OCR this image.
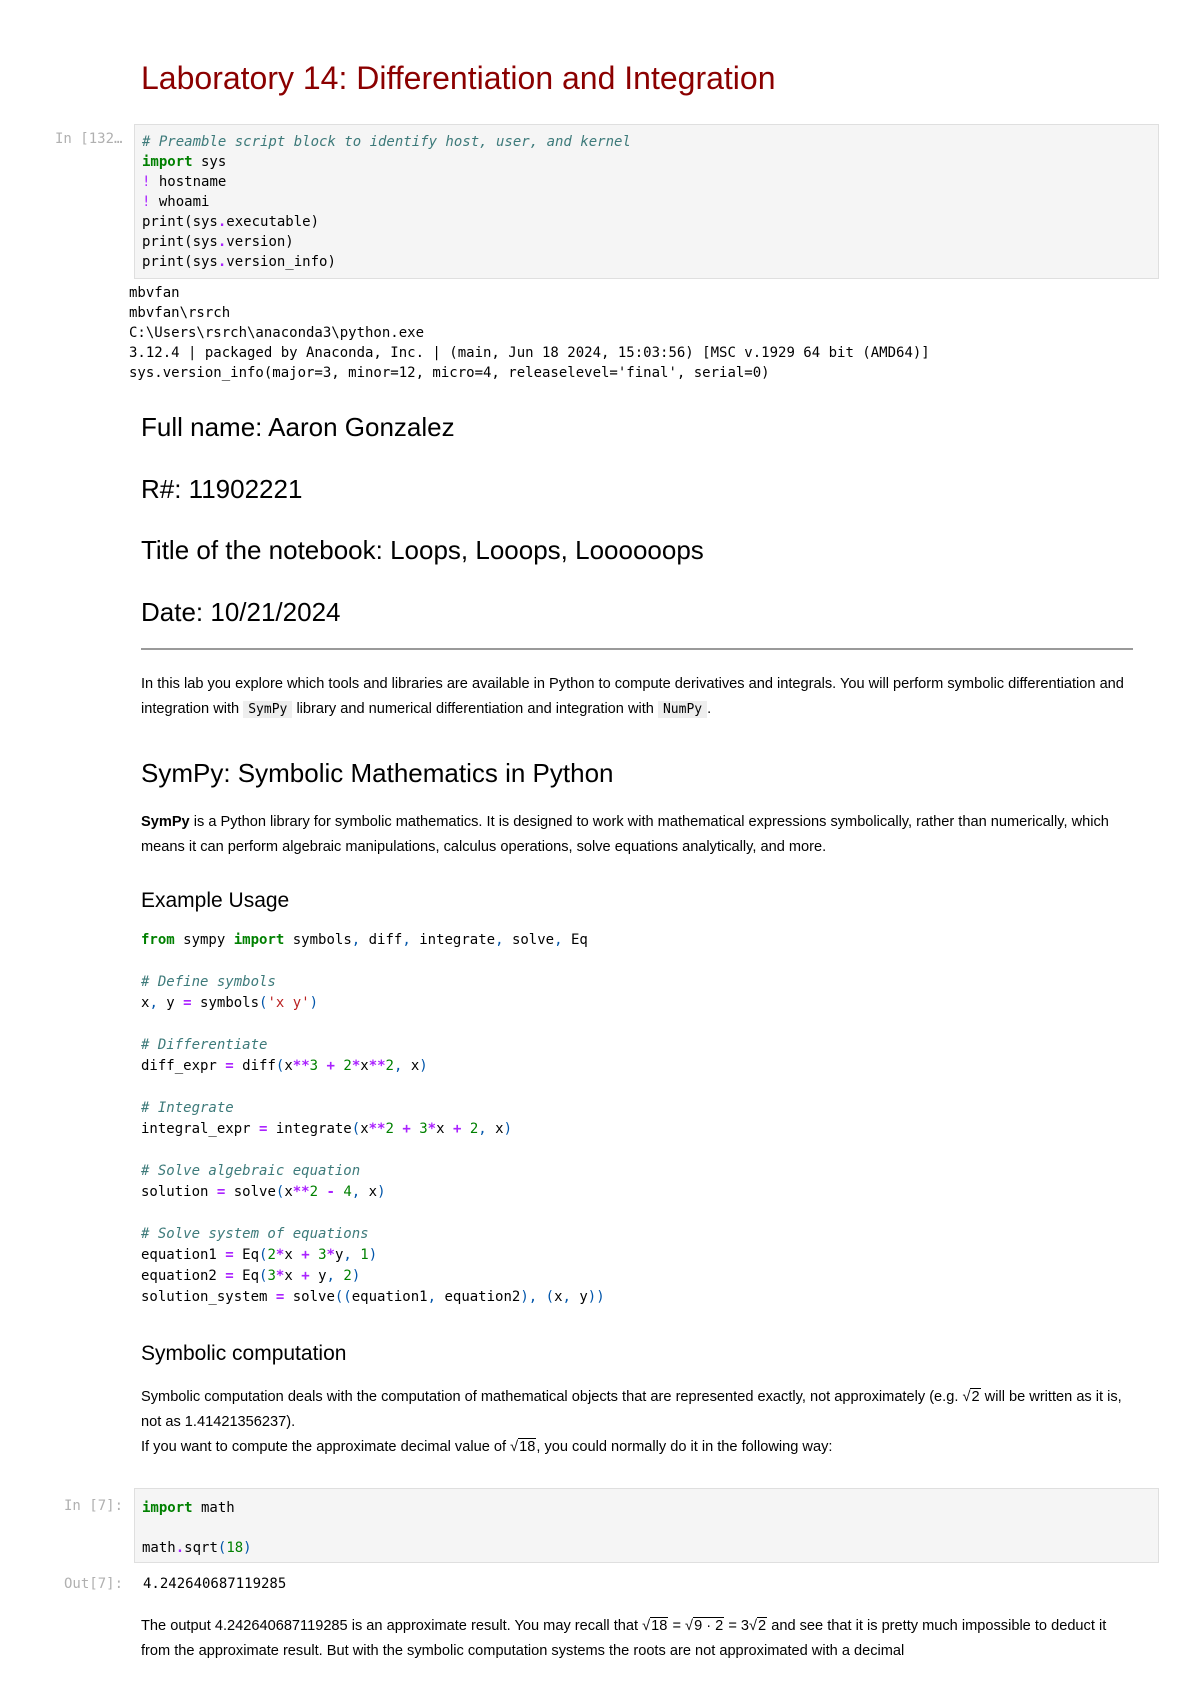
Laboratory 14: Differentiation and Integration
In [132… # Preamble script block to identify host, user, and kernel
import sys
! hostname
! whoami
print(sys.executable)
print(sys.version)
print(sys.version_info)
mbvfan
mbvfan\rsrch
C:\Users\rsrch\anaconda3\python.exe
3.12.4 | packaged by Anaconda, Inc. | (main, Jun 18 2024, 15:03:56) [MSC v.1929 64 bit (AMD64)]
sys.version_info(major=3, minor=12, micro=4, releaselevel='final', serial=0)
Full name: Aaron Gonzalez
R#: 11902221
Title of the notebook: Loops, Looops, Loooooops
Date: 10/21/2024
In this lab you explore which tools and libraries are available in Python to compute derivatives and integrals. You will perform symbolic differentiation and integration with SymPy library and numerical differentiation and integration with NumPy .
SymPy: Symbolic Mathematics in Python
SymPy is a Python library for symbolic mathematics. It is designed to work with mathematical expressions symbolically, rather than numerically, which means it can perform algebraic manipulations, calculus operations, solve equations analytically, and more.
Example Usage
from sympy import symbols, diff, integrate, solve, Eq

# Define symbols
x, y = symbols('x y')

# Differentiate
diff_expr = diff(x**3 + 2*x**2, x)

# Integrate
integral_expr = integrate(x**2 + 3*x + 2, x)

# Solve algebraic equation
solution = solve(x**2 - 4, x)

# Solve system of equations
equation1 = Eq(2*x + 3*y, 1)
equation2 = Eq(3*x + y, 2)
solution_system = solve((equation1, equation2), (x, y))
Symbolic computation
Symbolic computation deals with the computation of mathematical objects that are represented exactly, not approximately (e.g. √2 will be written as it is, not as 1.41421356237).
If you want to compute the approximate decimal value of √18, you could normally do it in the following way:
In [7]: import math

math.sqrt(18)
Out[7]: 4.242640687119285
The output 4.242640687119285 is an approximate result. You may recall that √18 = √9 · 2 = 3√2 and see that it is pretty much impossible to deduct it from the approximate result. But with the symbolic computation systems the roots are not approximated with a decimal
